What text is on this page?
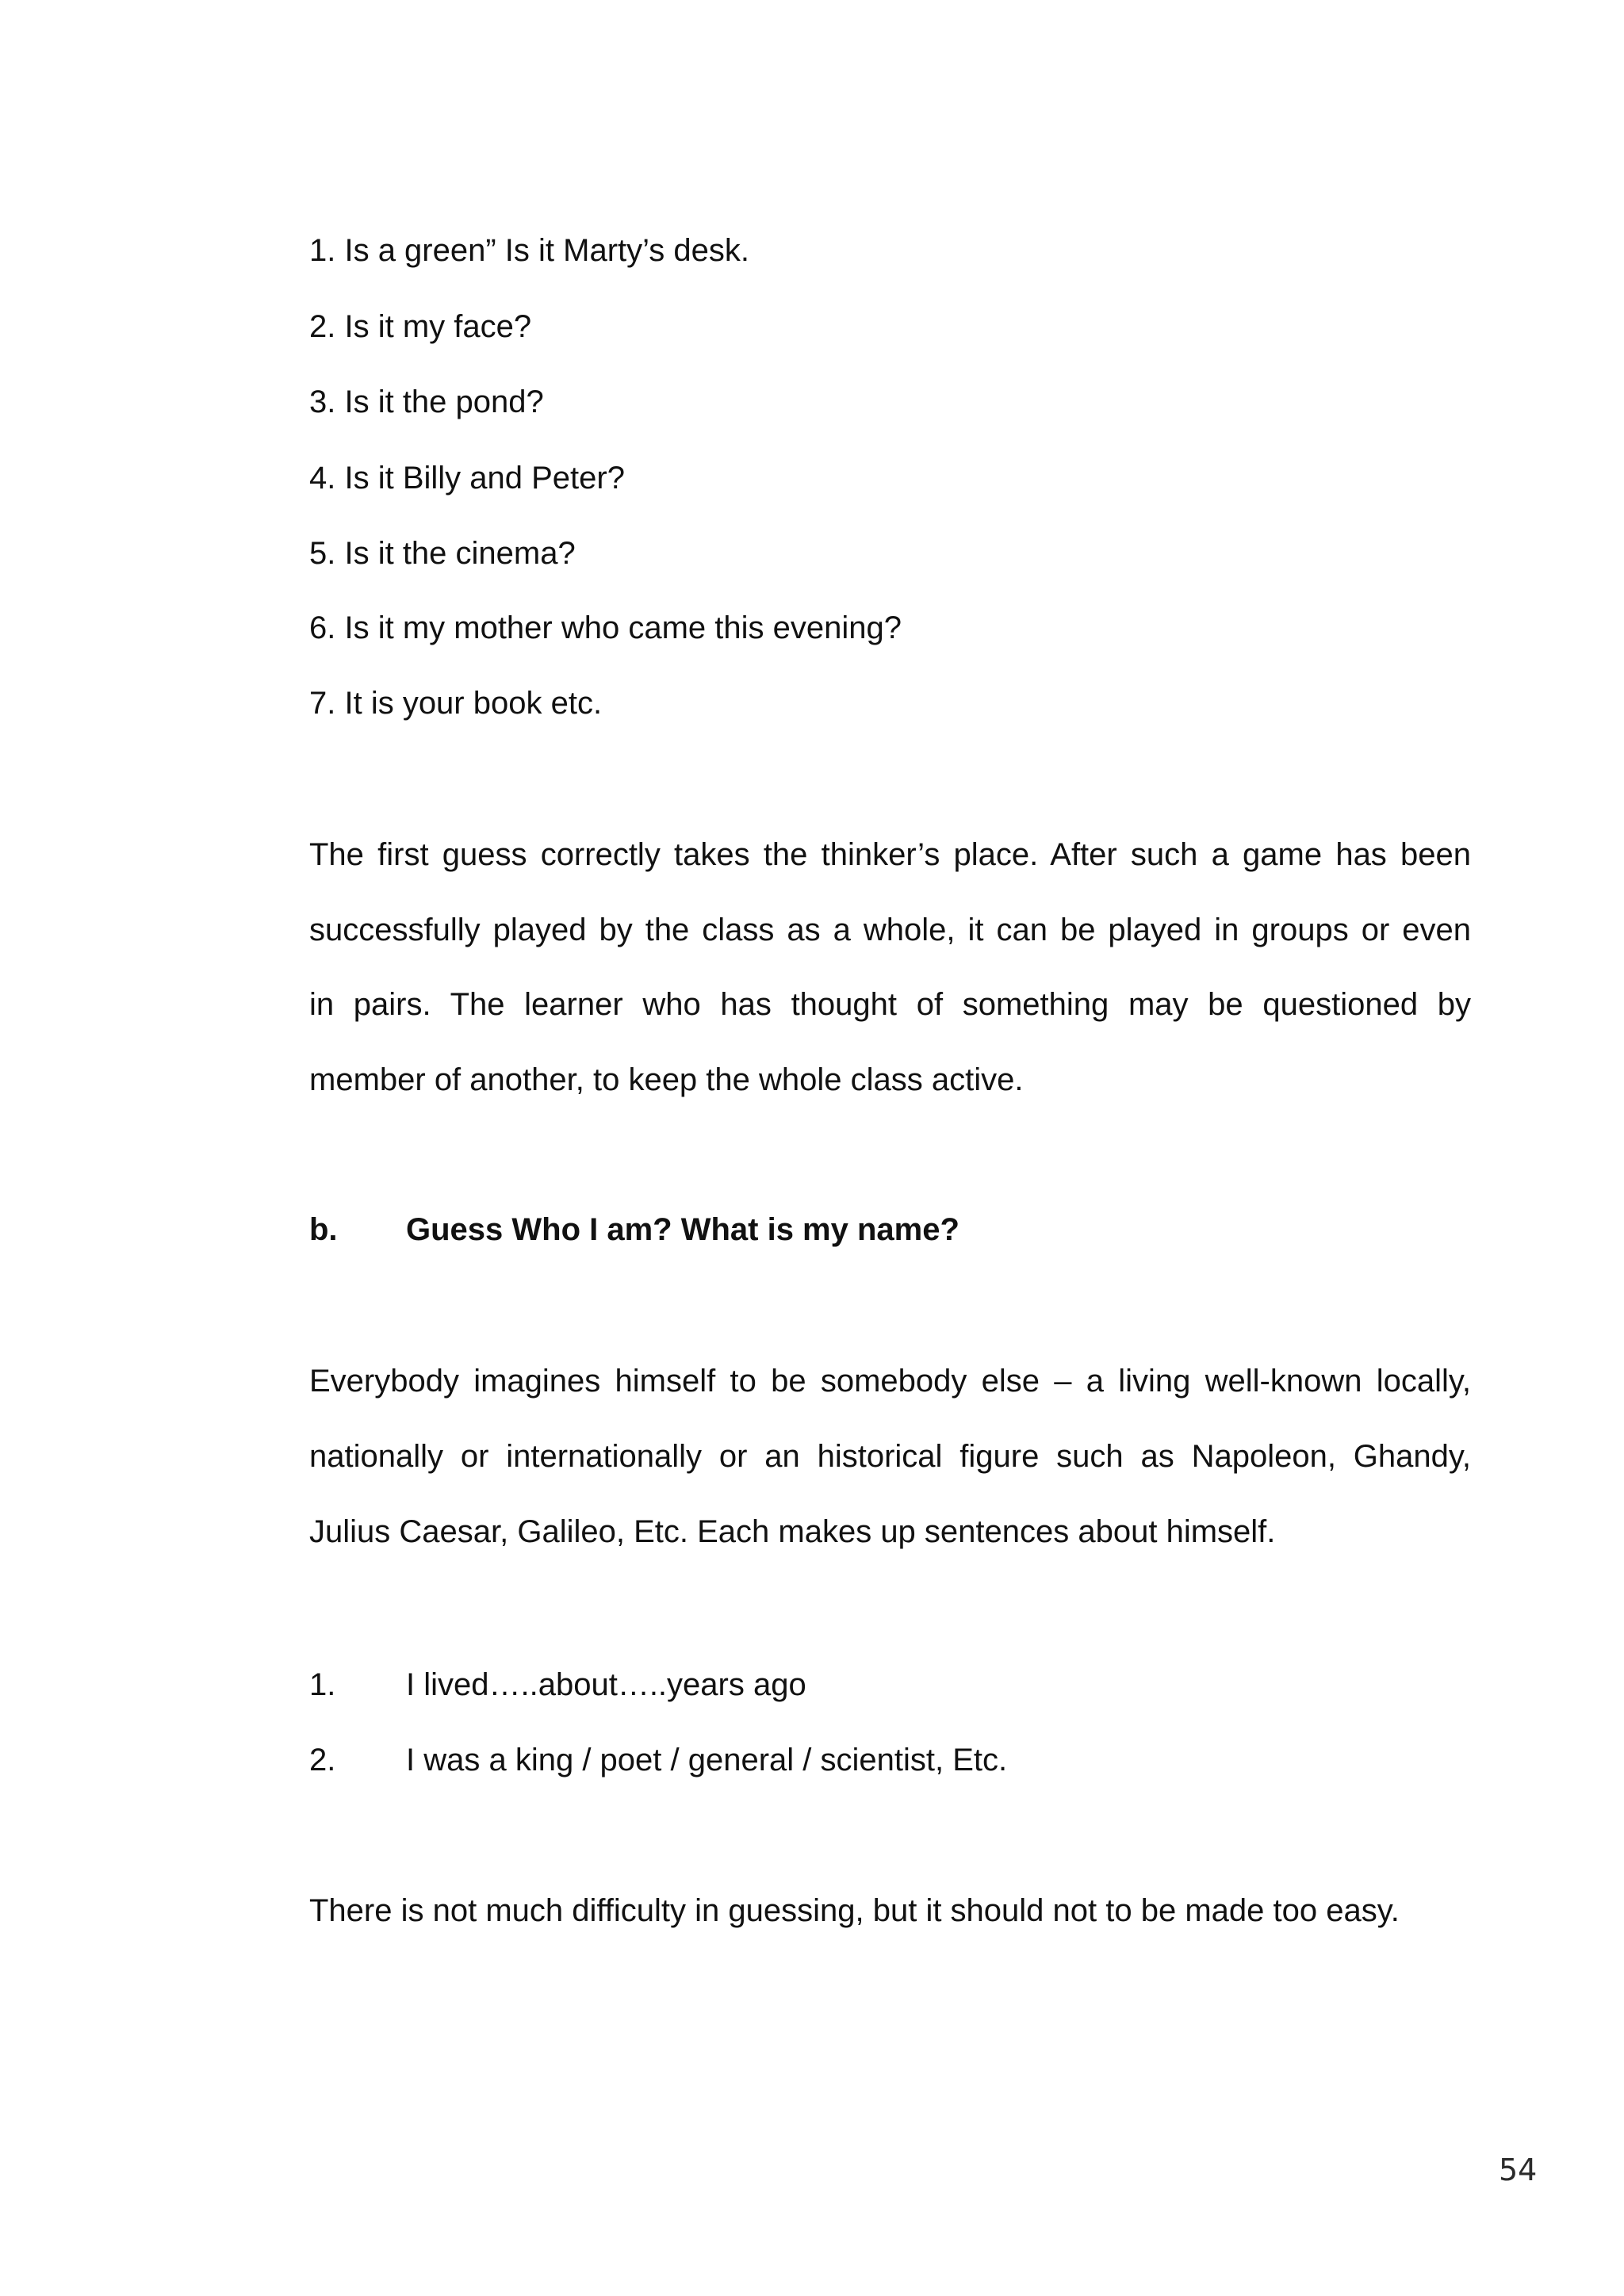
1. Is a green” Is it Marty’s desk.
2. Is it my face?
3. Is it the pond?
4. Is it Billy and Peter?
5. Is it the cinema?
6. Is it my mother who came this evening?
7. It is your book etc.
The first guess correctly takes the thinker’s place. After such a game has been
successfully played by the class as a whole, it can be played in groups or even
in pairs. The learner who has thought of something may be questioned by
member of another, to keep the whole class active.
b. Guess Who I am? What is my name?
Everybody imagines himself to be somebody else – a living well-known locally,
nationally or internationally or an historical figure such as Napoleon, Ghandy,
Julius Caesar, Galileo, Etc. Each makes up sentences about himself.
1. I lived…..about…..years ago
2. I was a king / poet / general / scientist, Etc.
There is not much difficulty in guessing, but it should not to be made too easy.
54
